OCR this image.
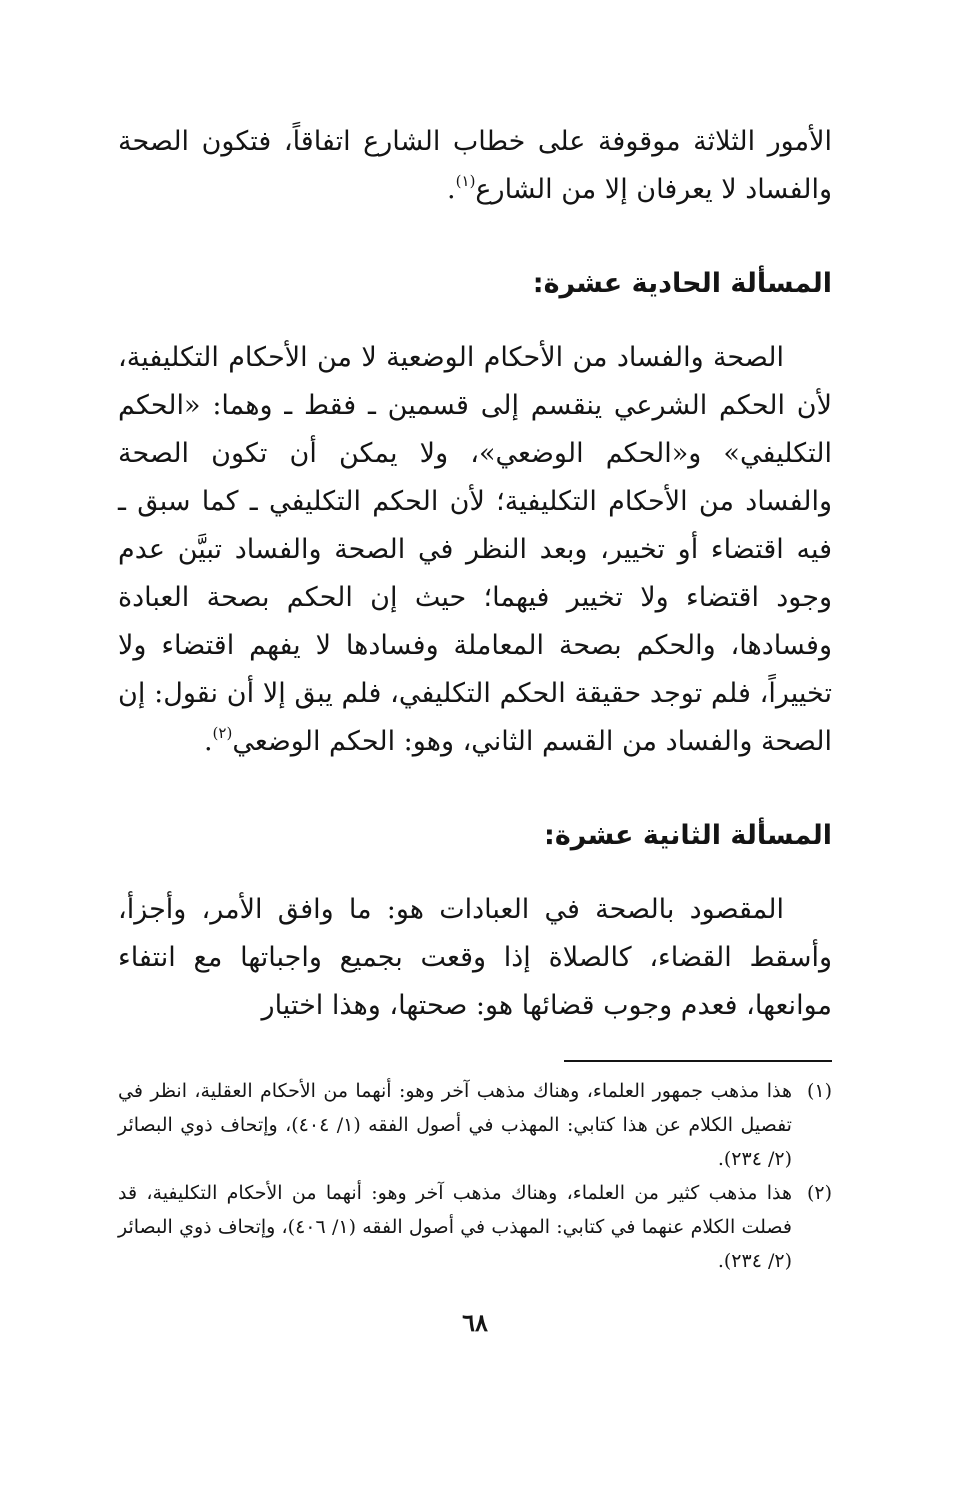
الأمور الثلاثة موقوفة على خطاب الشارع اتفاقاً، فتكون الصحة والفساد لا يعرفان إلا من الشارع$^{(١)}$.

المسألة الحادية عشرة:

الصحة والفساد من الأحكام الوضعية لا من الأحكام التكليفية، لأن الحكم الشرعي ينقسم إلى قسمين ـ فقط ـ وهما: «الحكم التكليفي» و«الحكم الوضعي»، ولا يمكن أن تكون الصحة والفساد من الأحكام التكليفية؛ لأن الحكم التكليفي ـ كما سبق ـ فيه اقتضاء أو تخيير، وبعد النظر في الصحة والفساد تبيَّن عدم وجود اقتضاء ولا تخيير فيهما؛ حيث إن الحكم بصحة العبادة وفسادها، والحكم بصحة المعاملة وفسادها لا يفهم اقتضاء ولا تخييراً، فلم توجد حقيقة الحكم التكليفي، فلم يبق إلا أن نقول: إن الصحة والفساد من القسم الثاني، وهو: الحكم الوضعي$^{(٢)}$.

المسألة الثانية عشرة:

المقصود بالصحة في العبادات هو: ما وافق الأمر، وأجزأ، وأسقط القضاء، كالصلاة إذا وقعت بجميع واجباتها مع انتفاء موانعها، فعدم وجوب قضائها هو: صحتها، وهذا اختيار

(١)
هذا مذهب جمهور العلماء، وهناك مذهب آخر وهو: أنهما من الأحكام العقلية، انظر في تفصيل الكلام عن هذا كتابي: المهذب في أصول الفقه (١/ ٤٠٤)، وإتحاف ذوي البصائر (٢/ ٢٣٤).
(٢)
هذا مذهب كثير من العلماء، وهناك مذهب آخر وهو: أنهما من الأحكام التكليفية، قد فصلت الكلام عنهما في كتابي: المهذب في أصول الفقه (١/ ٤٠٦)، وإتحاف ذوي البصائر (٢/ ٢٣٤).
٦٨
